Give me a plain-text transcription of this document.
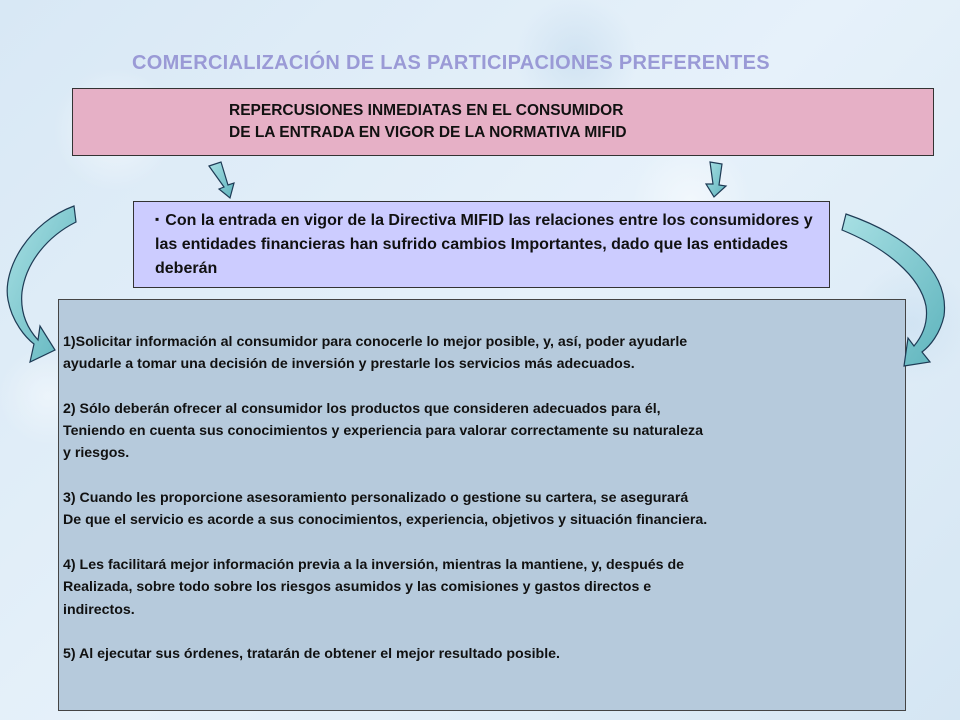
COMERCIALIZACIÓN DE LAS PARTICIPACIONES PREFERENTES
REPERCUSIONES INMEDIATAS EN EL CONSUMIDOR
DE LA ENTRADA EN VIGOR DE LA NORMATIVA MIFID
▪ Con la entrada en vigor de la Directiva MIFID las relaciones entre los consumidores y las entidades financieras han sufrido cambios Importantes, dado que las entidades deberán

1)Solicitar información al consumidor para conocerle lo mejor posible, y, así, poder ayudarle
ayudarle a tomar una decisión de inversión y prestarle los servicios más adecuados.

2) Sólo deberán ofrecer al consumidor los productos que consideren adecuados para él,
Teniendo en cuenta sus conocimientos y experiencia para valorar correctamente su naturaleza
y riesgos.

3) Cuando les proporcione asesoramiento personalizado o gestione su cartera, se asegurará
De que el servicio es acorde a sus conocimientos, experiencia, objetivos y situación financiera.

4) Les facilitará mejor información previa a la inversión, mientras la mantiene, y, después de
Realizada, sobre todo sobre los riesgos asumidos y las comisiones y gastos directos e
indirectos.

5) Al ejecutar sus órdenes, tratarán de obtener el mejor resultado posible.
